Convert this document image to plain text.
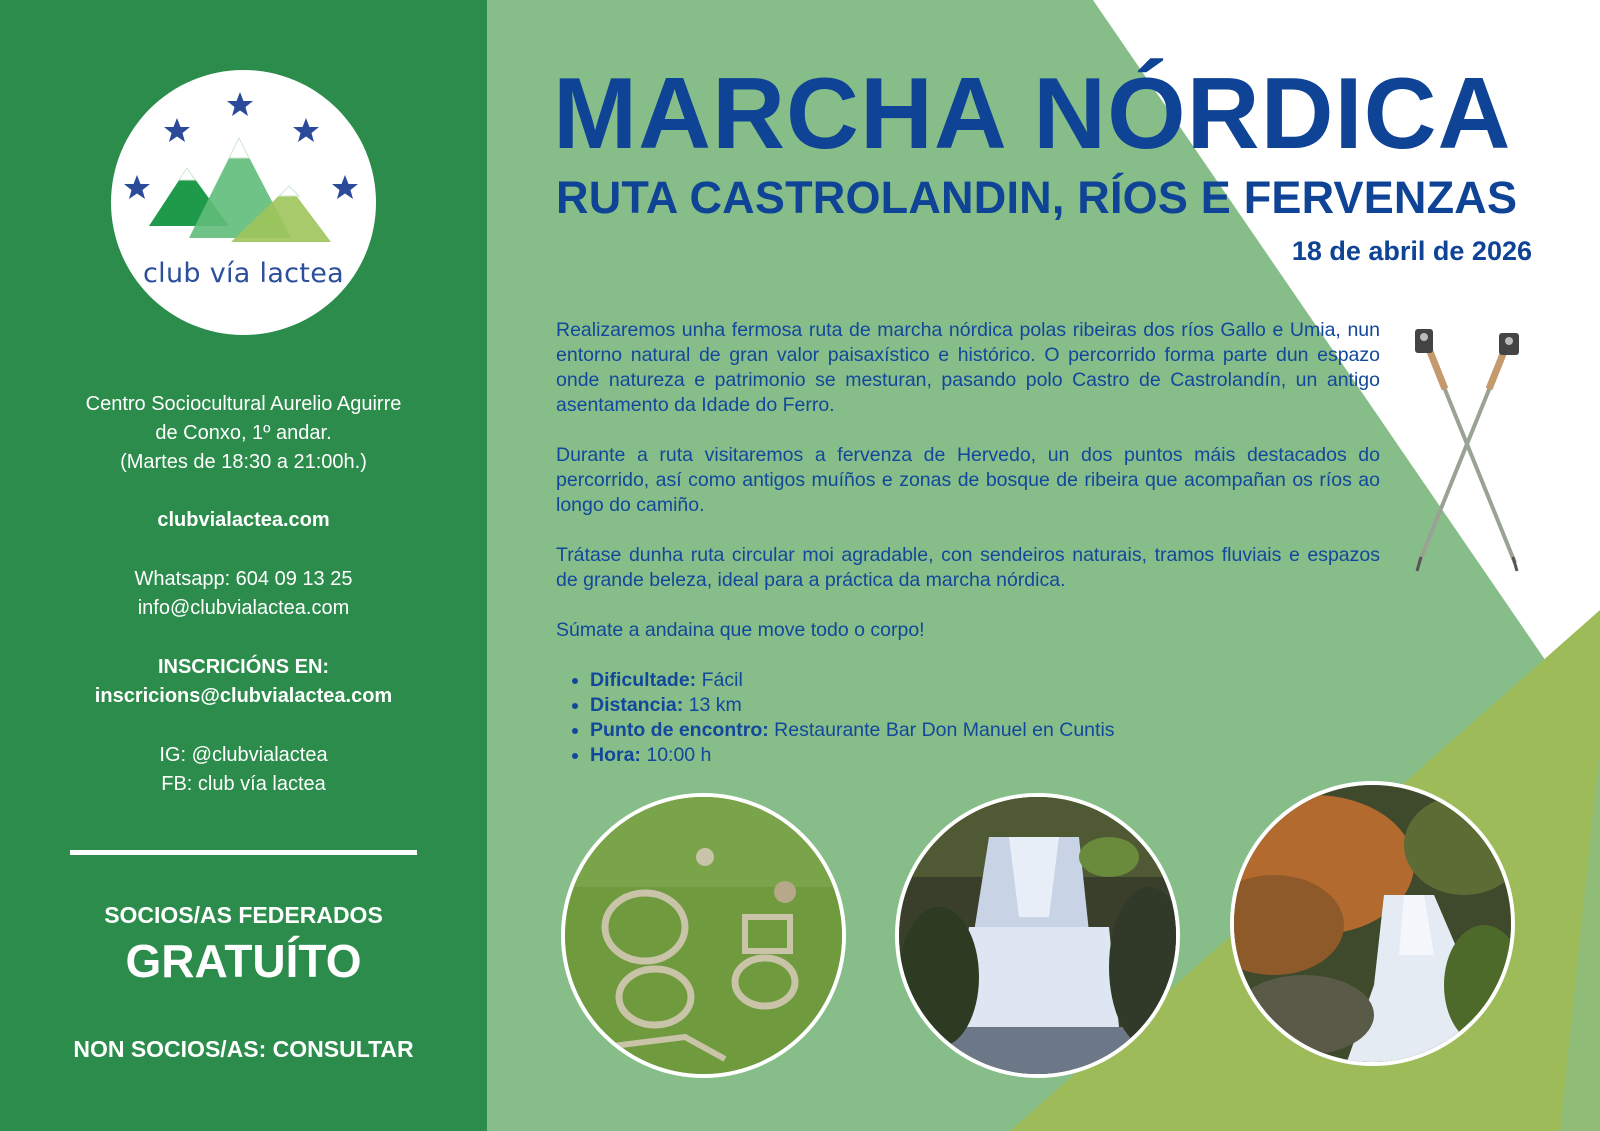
club vía lactea

Centro Sociocultural Aurelio Aguirre

de Conxo, 1º andar.

(Martes de 18:30 a 21:00h.)

clubvialactea.com

Whatsapp: 604 09 13 25

info@clubvialactea.com

INSCRICIÓNS EN:

inscricions@clubvialactea.com

IG: @clubvialactea

FB: club vía lactea

SOCIOS/AS FEDERADOS
GRATUÍTO
NON SOCIOS/AS: CONSULTAR
MARCHA NÓRDICA
RUTA CASTROLANDIN, RÍOS E FERVENZAS

18 de abril de 2026

Realizaremos unha fermosa ruta de marcha nórdica polas ribeiras dos ríos Gallo e Umia, nun entorno natural de gran valor paisaxístico e histórico. O percorrido forma parte dun espazo onde natureza e patrimonio se mesturan, pasando polo Castro de Castrolandín, un antigo asentamento da Idade do Ferro.

Durante a ruta visitaremos a fervenza de Hervedo, un dos puntos máis destacados do percorrido, así como antigos muíños e zonas de bosque de ribeira que acompañan os ríos ao longo do camiño.

Trátase dunha ruta circular moi agradable, con sendeiros naturais, tramos fluviais e espazos de grande beleza, ideal para a práctica da marcha nórdica.

Súmate a andaina que move todo o corpo!

• Dificultade: Fácil
• Distancia: 13 km
• Punto de encontro: Restaurante Bar Don Manuel en Cuntis
• Hora: 10:00 h
